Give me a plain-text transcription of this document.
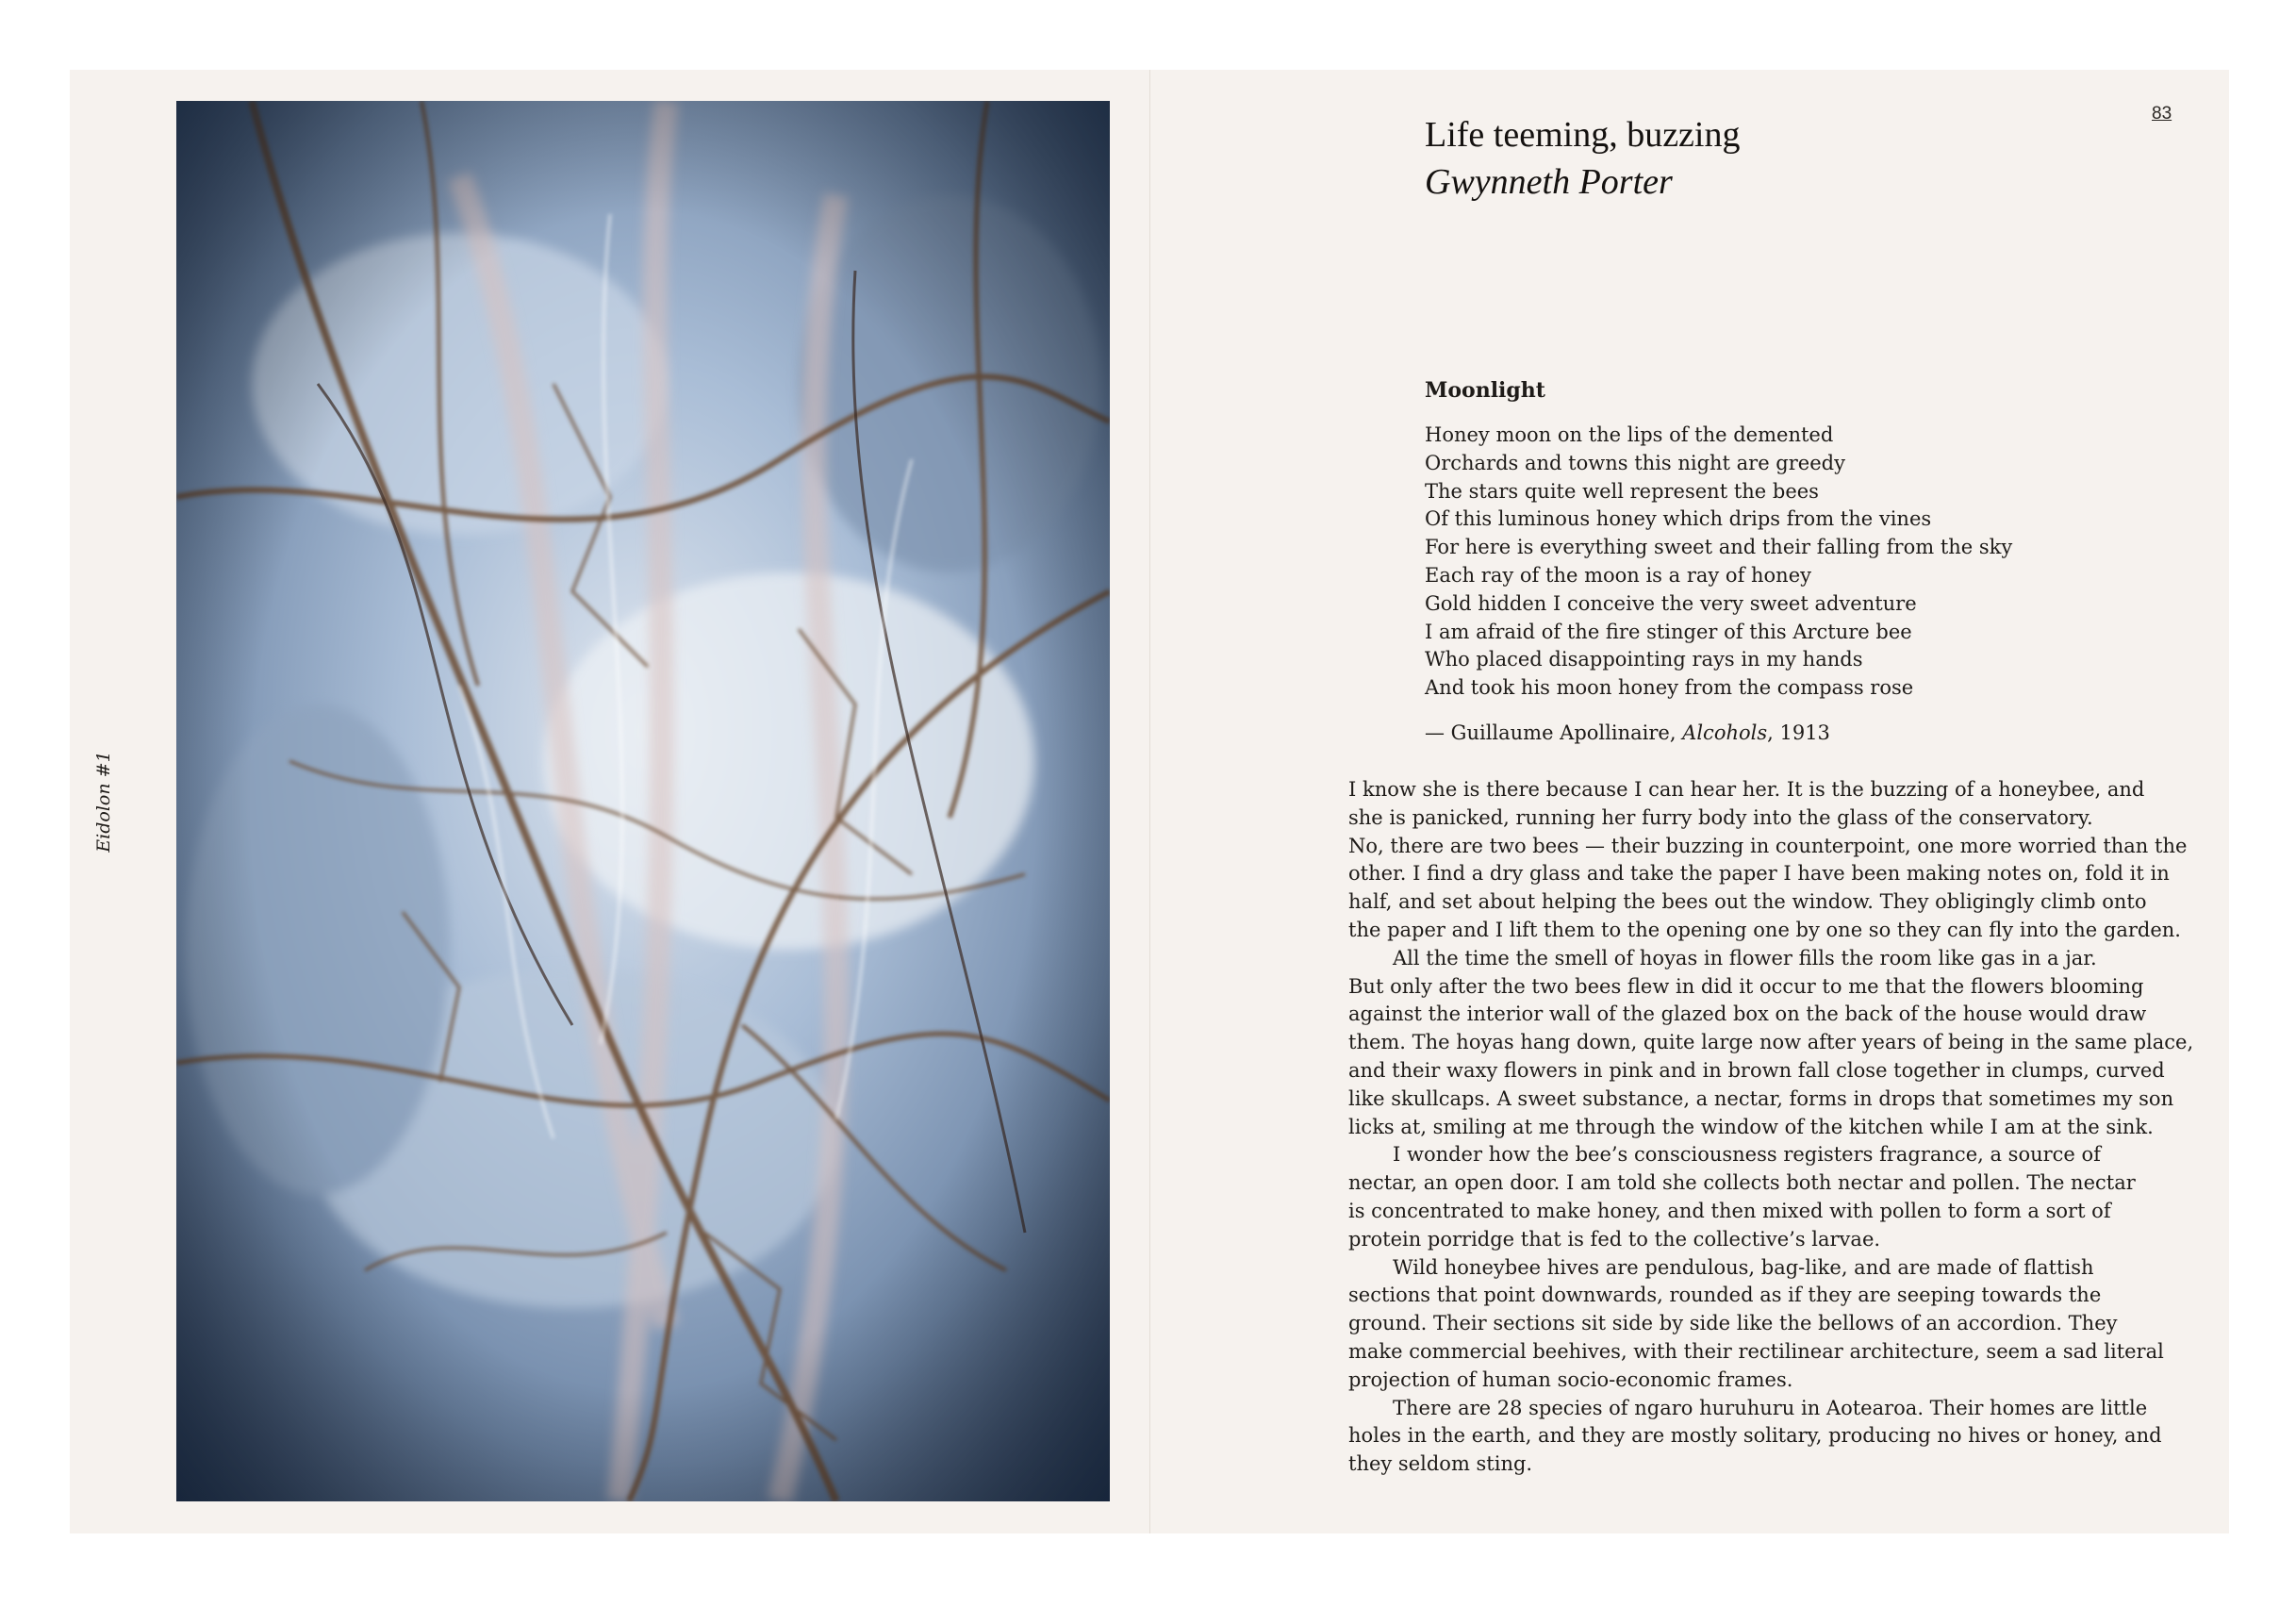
Eidolon #1
83
Life teeming, buzzing
Gwynneth Porter
Moonlight
Honey moon on the lips of the demented
Orchards and towns this night are greedy
The stars quite well represent the bees
Of this luminous honey which drips from the vines
For here is everything sweet and their falling from the sky
Each ray of the moon is a ray of honey
Gold hidden I conceive the very sweet adventure
I am afraid of the fire stinger of this Arcture bee
Who placed disappointing rays in my hands
And took his moon honey from the compass rose
— Guillaume Apollinaire, Alcohols, 1913
I know she is there because I can hear her. It is the buzzing of a honeybee, and
she is panicked, running her furry body into the glass of the conservatory.
No, there are two bees — their buzzing in counterpoint, one more worried than the
other. I find a dry glass and take the paper I have been making notes on, fold it in
half, and set about helping the bees out the window. They obligingly climb onto
the paper and I lift them to the opening one by one so they can fly into the garden.
All the time the smell of hoyas in flower fills the room like gas in a jar.
But only after the two bees flew in did it occur to me that the flowers blooming
against the interior wall of the glazed box on the back of the house would draw
them. The hoyas hang down, quite large now after years of being in the same place,
and their waxy flowers in pink and in brown fall close together in clumps, curved
like skullcaps. A sweet substance, a nectar, forms in drops that sometimes my son
licks at, smiling at me through the window of the kitchen while I am at the sink.
I wonder how the bee’s consciousness registers fragrance, a source of
nectar, an open door. I am told she collects both nectar and pollen. The nectar
is concentrated to make honey, and then mixed with pollen to form a sort of
protein porridge that is fed to the collective’s larvae.
Wild honeybee hives are pendulous, bag-like, and are made of flattish
sections that point downwards, rounded as if they are seeping towards the
ground. Their sections sit side by side like the bellows of an accordion. They
make commercial beehives, with their rectilinear architecture, seem a sad literal
projection of human socio-economic frames.
There are 28 species of ngaro huruhuru in Aotearoa. Their homes are little
holes in the earth, and they are mostly solitary, producing no hives or honey, and
they seldom sting.
